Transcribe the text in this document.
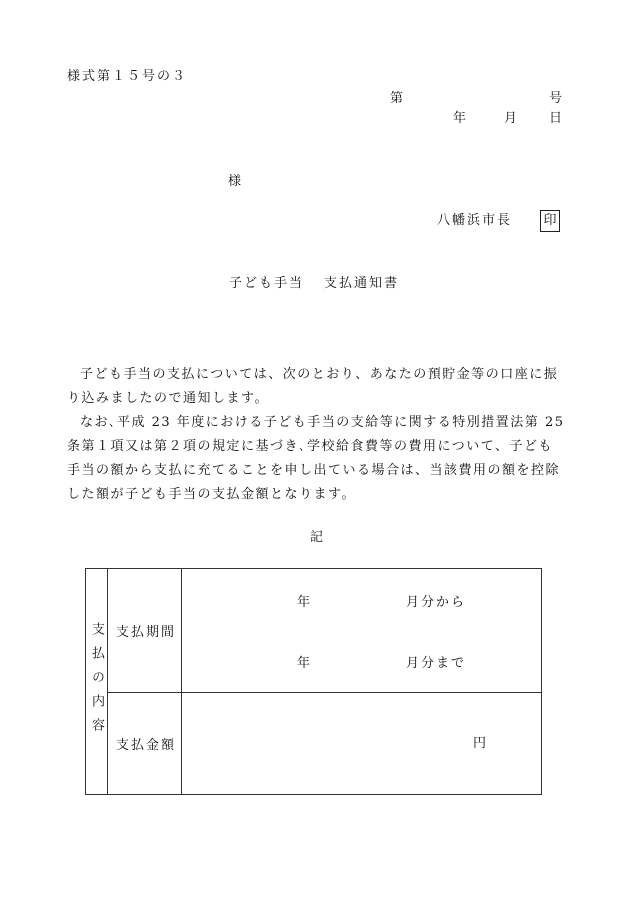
様式第１５号の３
第	号
年	月 日
様
八幡浜市長 印
子ども手当 支払通知書

子ども手当の支払については、次のとおり、あなたの預貯金等の口座に振り込みましたので通知します。

なお､平成 23 年度における子ども手当の支給等に関する特別措置法第 25 条第１項又は第２項の規定に基づき､学校給食費等の費用について、子ども手当の額から支払に充てることを申し出ている場合は、当該費用の額を控除した額が子ども手当の支払金額となります。

記
支払の内容	支払期間	年 月分から
年 月分まで

	支払金額	円
